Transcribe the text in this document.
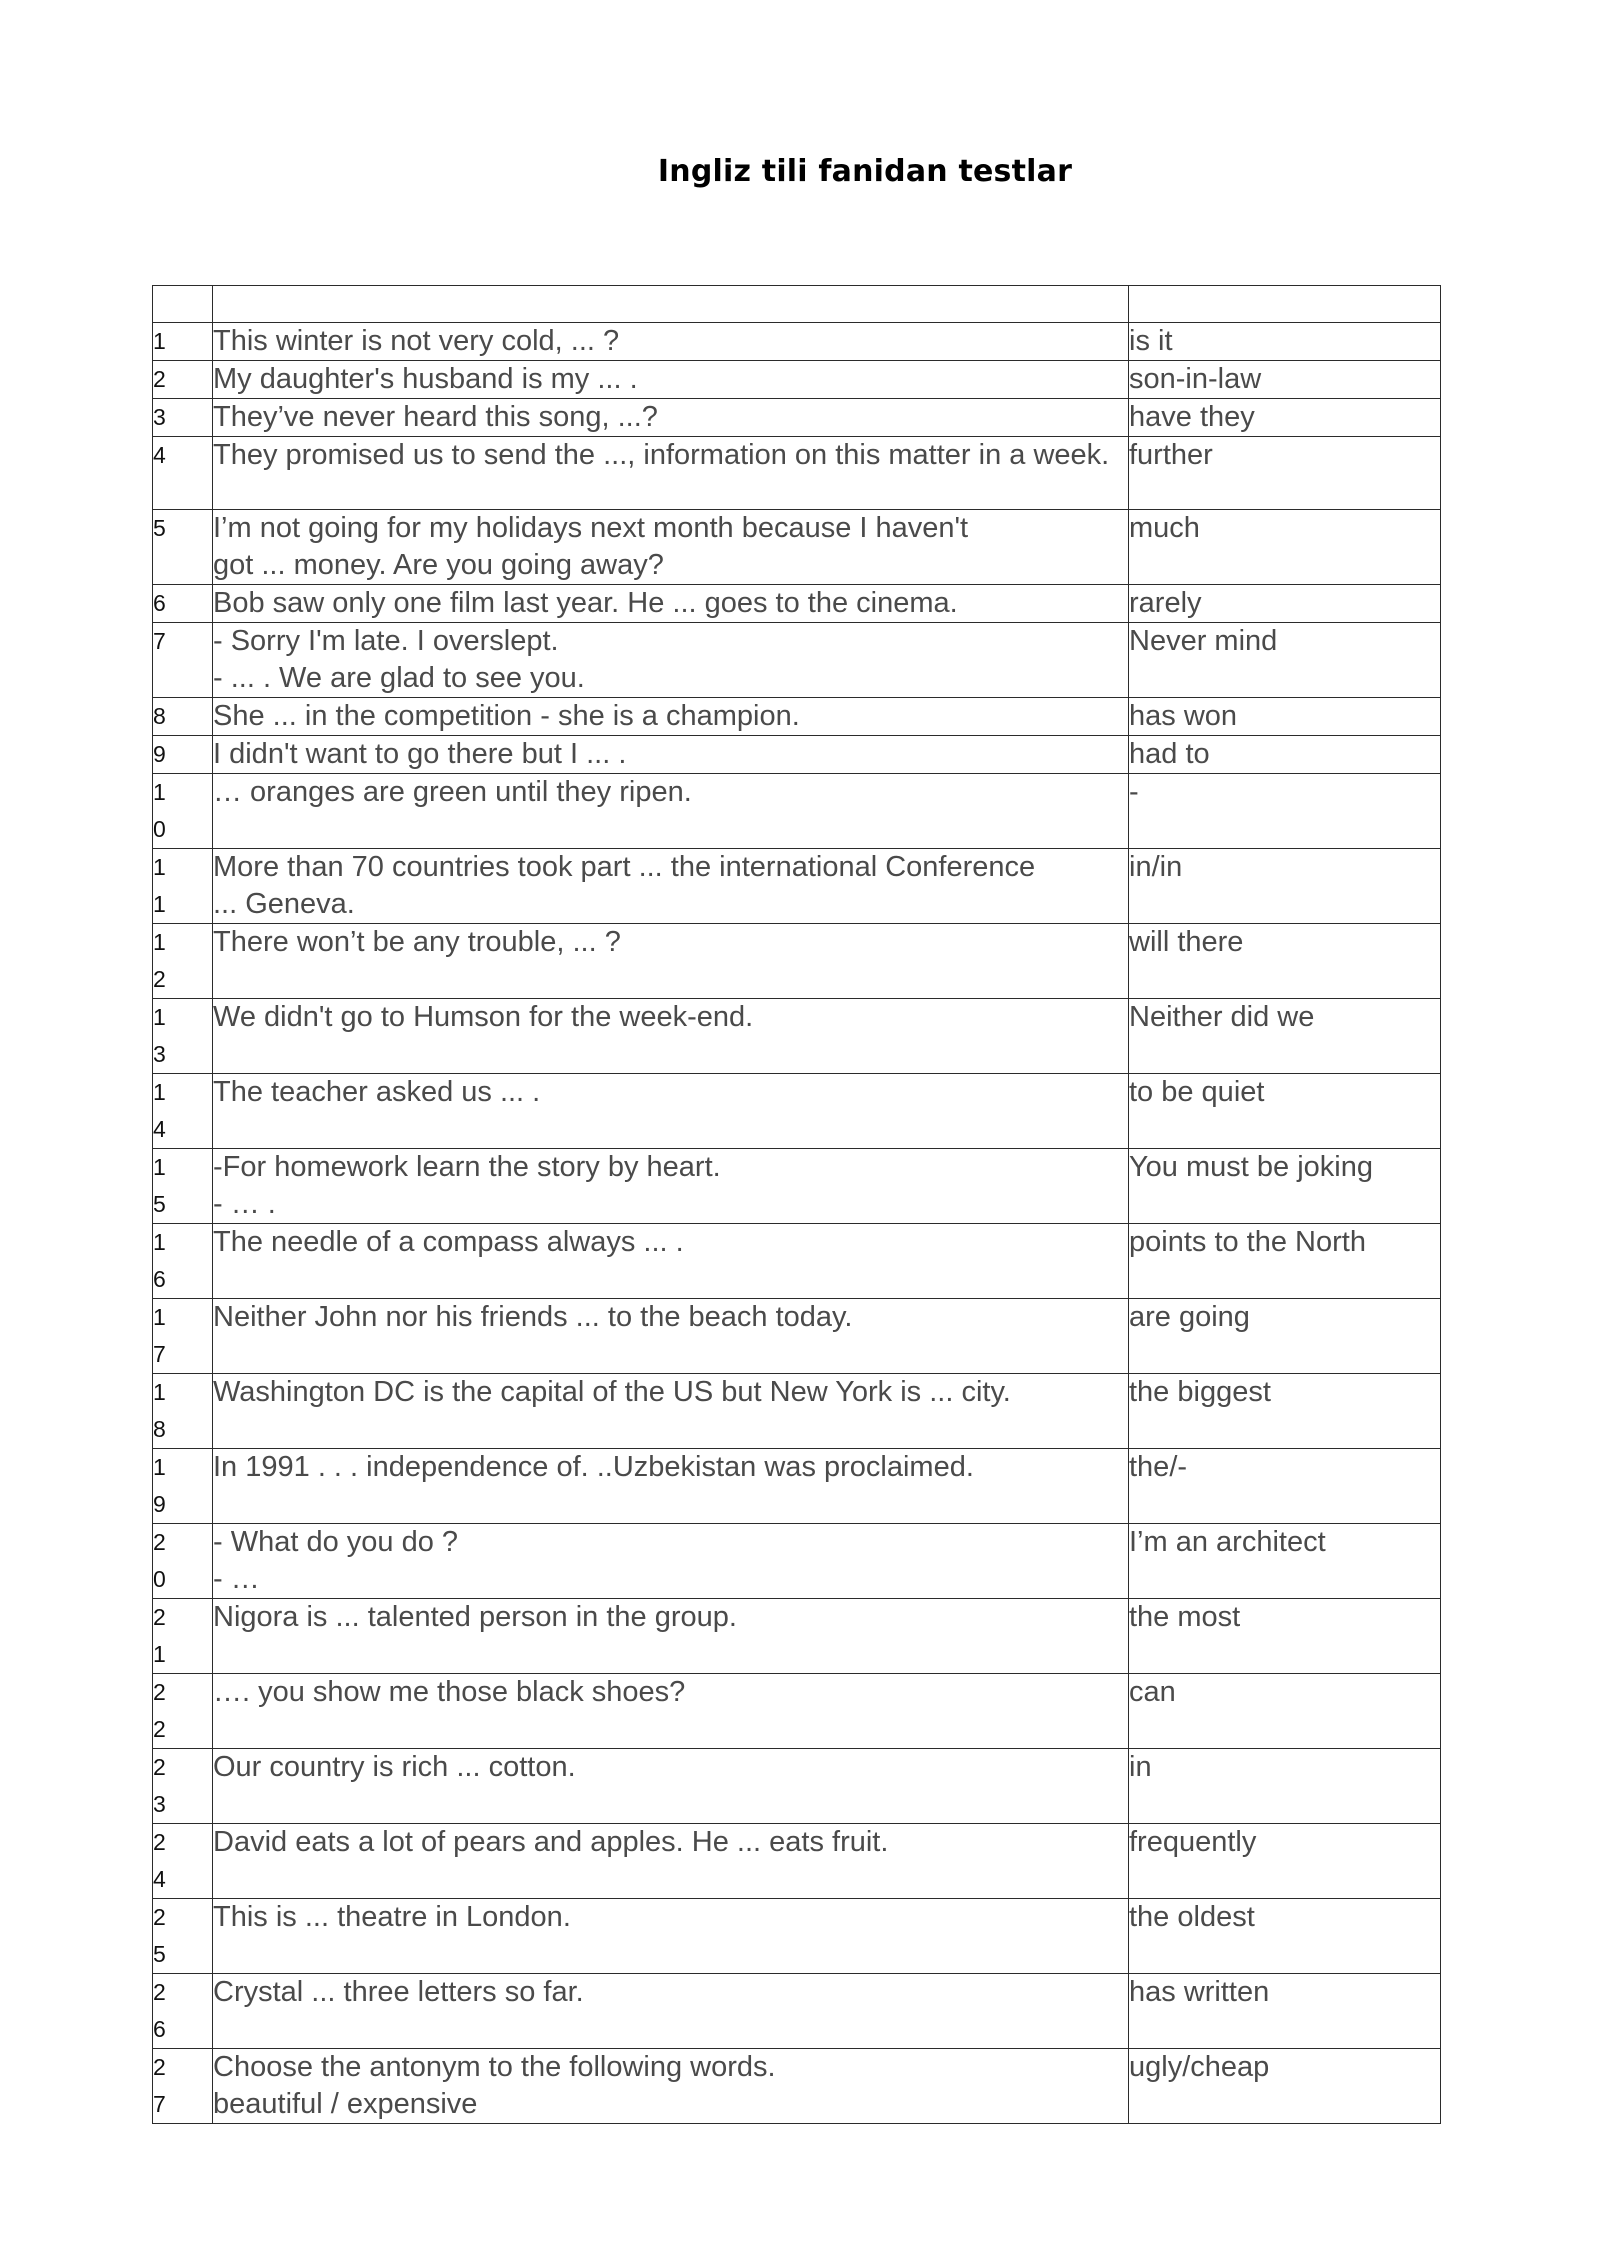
Ingliz tili fanidan testlar

1	This winter is not very cold, ... ?	is it

2	My daughter's husband is my ... .	son-in-law

3	They’ve never heard this song, ...?	have they

4	They promised us to send the ..., information on this matter in a week.	further

5	I’m not going for my holidays next month because I haven't
got ... money. Are you going away?	much

6	Bob saw only one film last year. He ... goes to the cinema.	rarely

7	- Sorry I'm late. I overslept.
- ... . We are glad to see you.	Never mind

8	She ... in the competition - she is a champion.	has won

9	I didn't want to go there but I ... .	had to

10	… oranges are green until they ripen.	-

11	More than 70 countries took part ... the international Conference
... Geneva.	in/in

12	There won’t be any trouble, ... ?	will there

13	We didn't go to Humson for the week-end.	Neither did we

14	The teacher asked us ... .	to be quiet

15	-For homework learn the story by heart.
- … .	You must be joking

16	The needle of a compass always ... .	points to the North

17	Neither John nor his friends ... to the beach today.	are going

18	Washington DC is the capital of the US but New York is ... city.	the biggest

19	In 1991 . . . independence of. ..Uzbekistan was proclaimed.	the/-

20	- What do you do ?
- …	I’m an architect

21	Nigora is ... talented person in the group.	the most

22	…. you show me those black shoes?	can

23	Our country is rich ... cotton.	in

24	David eats a lot of pears and apples. He ... eats fruit.	frequently

25	This is ... theatre in London.	the oldest

26	Crystal ... three letters so far.	has written

27	Choose the antonym to the following words.
beautiful / expensive	ugly/cheap
